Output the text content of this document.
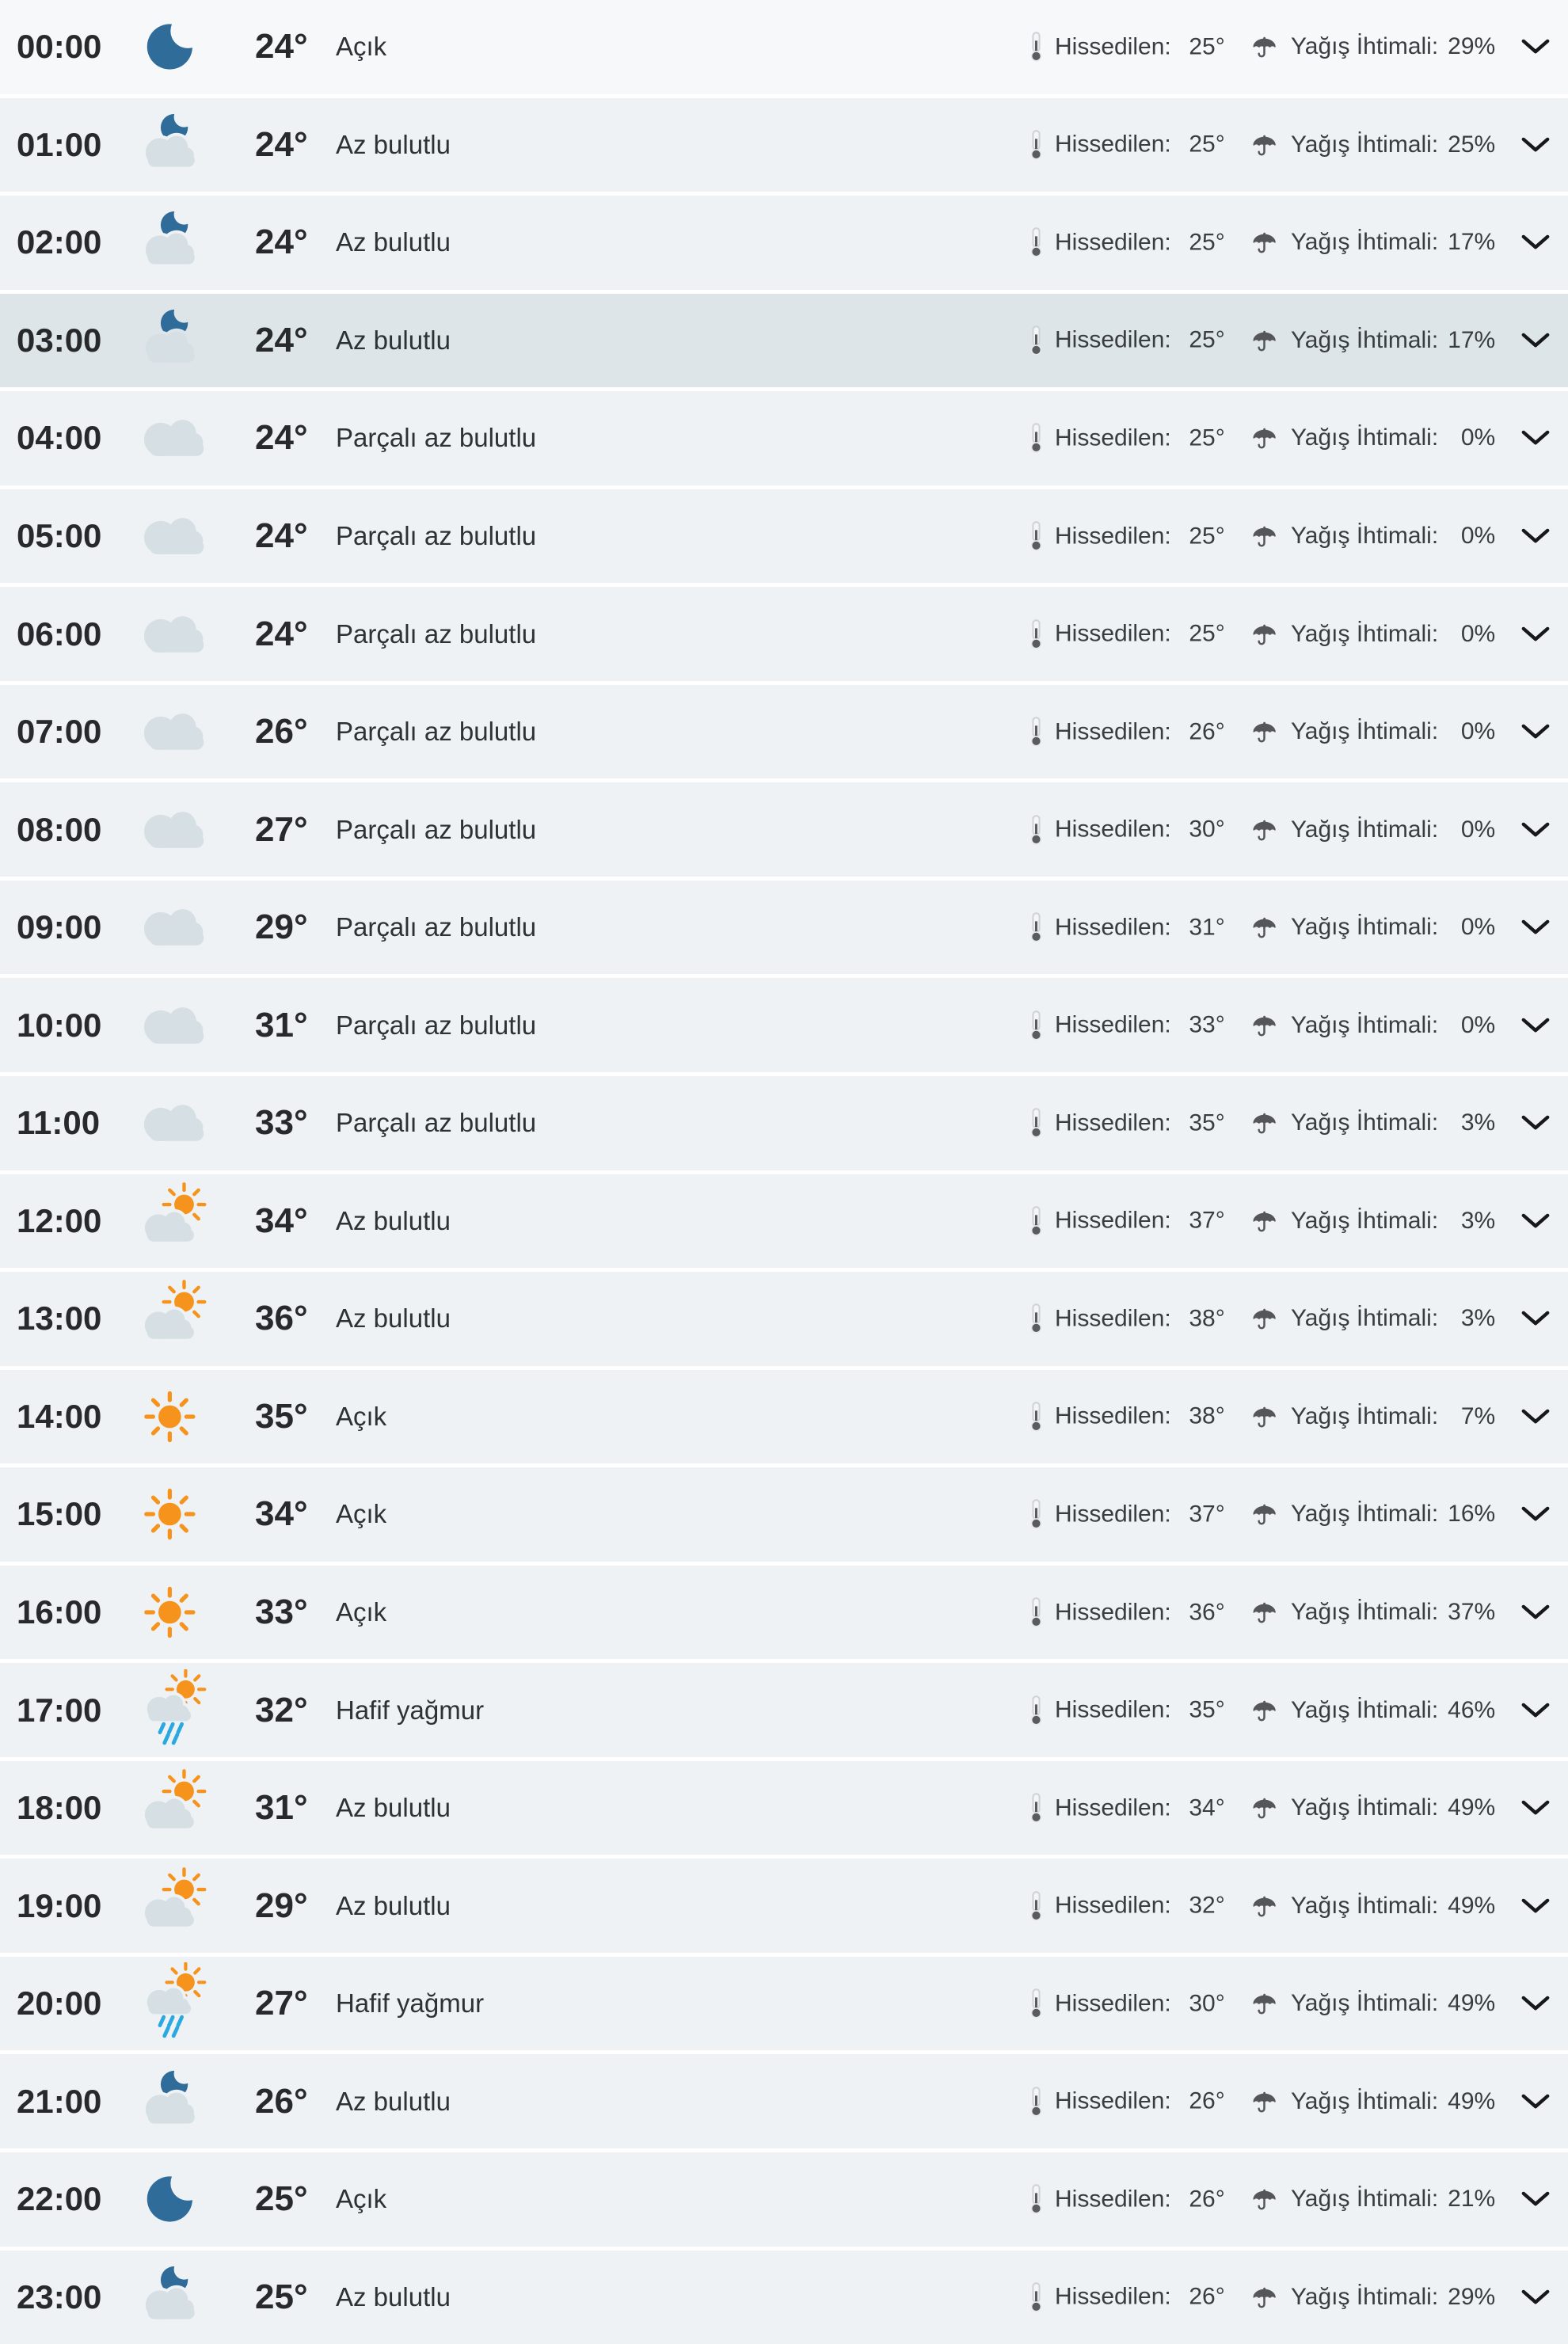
00:00	24°	Açık	Hissedilen: 25°	Yağış İhtimali: 29%
01:00	24°	Az bulutlu	Hissedilen: 25°	Yağış İhtimali: 25%
02:00	24°	Az bulutlu	Hissedilen: 25°	Yağış İhtimali: 17%
03:00	24°	Az bulutlu	Hissedilen: 25°	Yağış İhtimali: 17%
04:00	24°	Parçalı az bulutlu	Hissedilen: 25°	Yağış İhtimali: 0%
05:00	24°	Parçalı az bulutlu	Hissedilen: 25°	Yağış İhtimali: 0%
06:00	24°	Parçalı az bulutlu	Hissedilen: 25°	Yağış İhtimali: 0%
07:00	26°	Parçalı az bulutlu	Hissedilen: 26°	Yağış İhtimali: 0%
08:00	27°	Parçalı az bulutlu	Hissedilen: 30°	Yağış İhtimali: 0%
09:00	29°	Parçalı az bulutlu	Hissedilen: 31°	Yağış İhtimali: 0%
10:00	31°	Parçalı az bulutlu	Hissedilen: 33°	Yağış İhtimali: 0%
11:00	33°	Parçalı az bulutlu	Hissedilen: 35°	Yağış İhtimali: 3%
12:00	34°	Az bulutlu	Hissedilen: 37°	Yağış İhtimali: 3%
13:00	36°	Az bulutlu	Hissedilen: 38°	Yağış İhtimali: 3%
14:00	35°	Açık	Hissedilen: 38°	Yağış İhtimali: 7%
15:00	34°	Açık	Hissedilen: 37°	Yağış İhtimali: 16%
16:00	33°	Açık	Hissedilen: 36°	Yağış İhtimali: 37%
17:00	32°	Hafif yağmur	Hissedilen: 35°	Yağış İhtimali: 46%
18:00	31°	Az bulutlu	Hissedilen: 34°	Yağış İhtimali: 49%
19:00	29°	Az bulutlu	Hissedilen: 32°	Yağış İhtimali: 49%
20:00	27°	Hafif yağmur	Hissedilen: 30°	Yağış İhtimali: 49%
21:00	26°	Az bulutlu	Hissedilen: 26°	Yağış İhtimali: 49%
22:00	25°	Açık	Hissedilen: 26°	Yağış İhtimali: 21%
23:00	25°	Az bulutlu	Hissedilen: 26°	Yağış İhtimali: 29%
